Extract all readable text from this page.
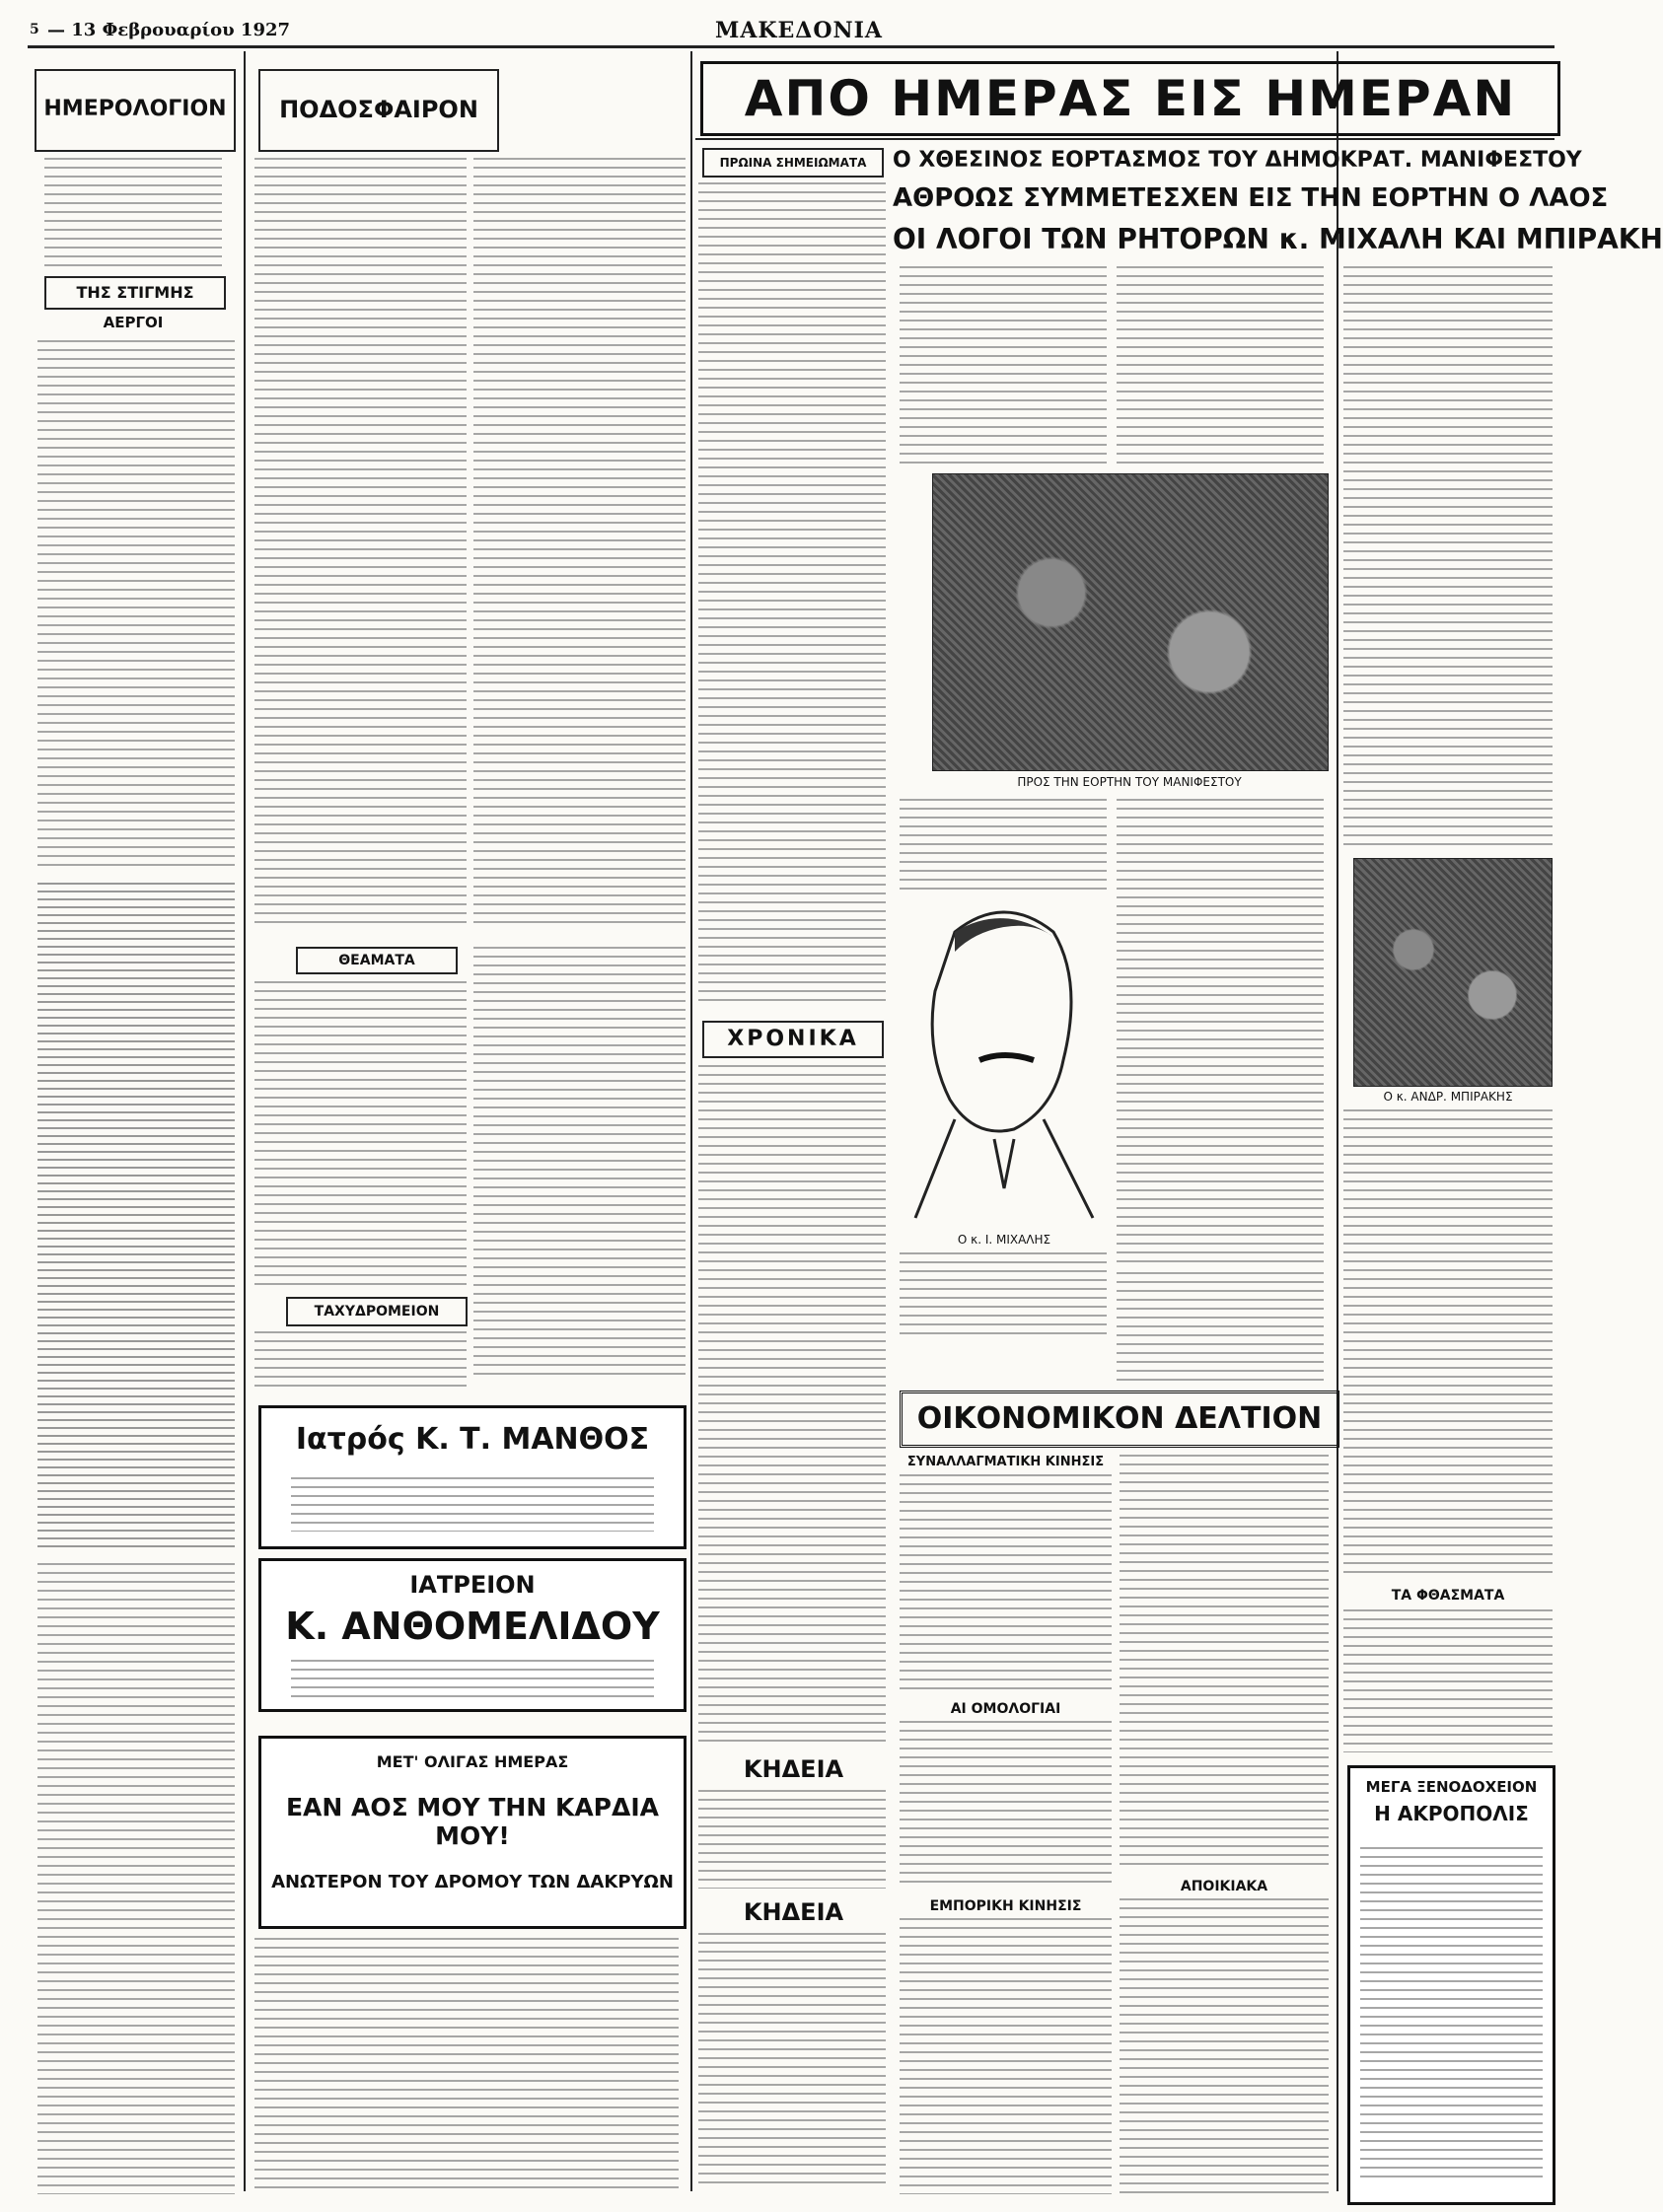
5 — 13 Φεβρουαρίου 1927	ΜΑΚΕΔΟΝΙΑ
ΗΜΕΡΟΛΟΓΙΟΝ
ΤΗΣ ΣΤΙΓΜΗΣ
ΑΕΡΓΟΙ
ΠΟΔΟΣΦΑΙΡΟΝ
ΘΕΑΜΑΤΑ
ΤΑΧΥΔΡΟΜΕΙΟΝ
Ιατρός Κ. Τ. ΜΑΝΘΟΣ
ΙΑΤΡΕΙΟΝ
Κ. ΑΝΘΟΜΕΛΙΔΟΥ
ΜΕΤ' ΟΛΙΓΑΣ ΗΜΕΡΑΣ
ΕΑΝ ΑΟΣ ΜΟΥ ΤΗΝ ΚΑΡΔΙΑ ΜΟΥ!
ΑΝΩΤΕΡΟΝ ΤΟΥ ΔΡΟΜΟΥ ΤΩΝ ΔΑΚΡΥΩΝ
ΑΠΟ ΗΜΕΡΑΣ ΕΙΣ ΗΜΕΡΑΝ
ΠΡΩΙΝΑ ΣΗΜΕΙΩΜΑΤΑ
ΧΡΟΝΙΚΑ
ΚΗΔΕΙΑ
ΚΗΔΕΙΑ
Ο ΧΘΕΣΙΝΟΣ ΕΟΡΤΑΣΜΟΣ ΤΟΥ ΔΗΜΟΚΡΑΤ. ΜΑΝΙΦΕΣΤΟΥ
ΑΘΡΟΩΣ ΣΥΜΜΕΤΕΣΧΕΝ ΕΙΣ ΤΗΝ ΕΟΡΤΗΝ Ο ΛΑΟΣ
ΟΙ ΛΟΓΟΙ ΤΩΝ ΡΗΤΟΡΩΝ κ. ΜΙΧΑΛΗ ΚΑΙ ΜΠΙΡΑΚΗ
ΠΡΟΣ ΤΗΝ ΕΟΡΤΗΝ ΤΟΥ ΜΑΝΙΦΕΣΤΟΥ
Ο κ. Ι. ΜΙΧΑΛΗΣ
ΟΙΚΟΝΟΜΙΚΟΝ ΔΕΛΤΙΟΝ
ΣΥΝΑΛΛΑΓΜΑΤΙΚΗ ΚΙΝΗΣΙΣ
ΑΙ ΟΜΟΛΟΓΙΑΙ
ΕΜΠΟΡΙΚΗ ΚΙΝΗΣΙΣ
ΑΠΟΙΚΙΑΚΑ
Ο κ. ΑΝΔΡ. ΜΠΙΡΑΚΗΣ
ΤΑ ΦΘΑΣΜΑΤΑ
ΜΕΓΑ ΞΕΝΟΔΟΧΕΙΟΝ
Η ΑΚΡΟΠΟΛΙΣ
